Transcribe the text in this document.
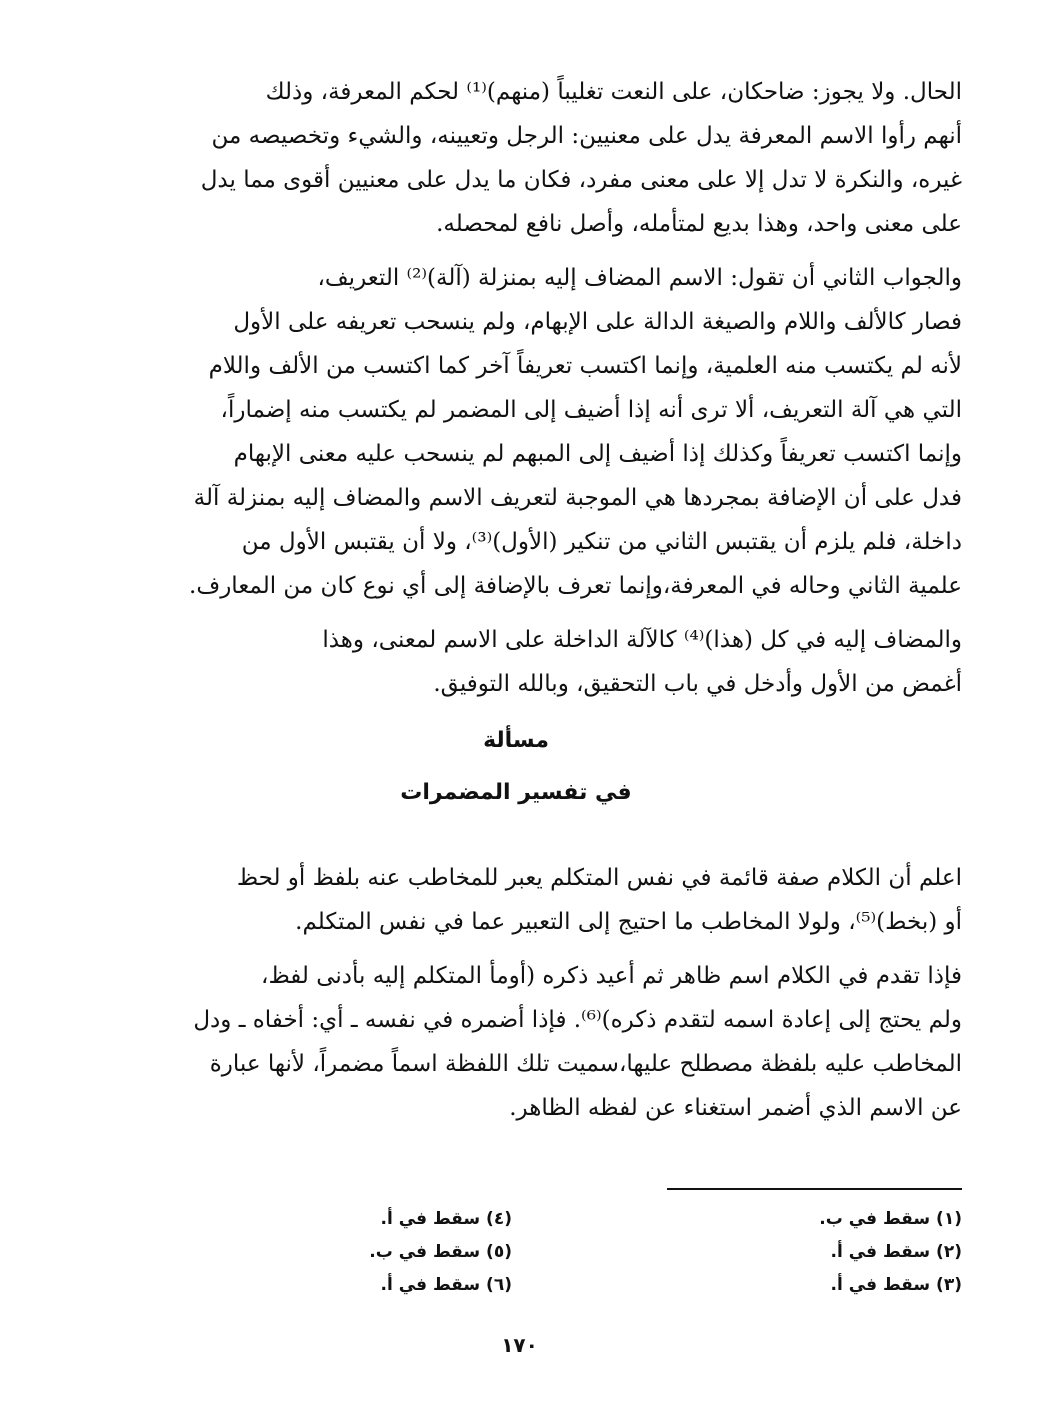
الحال. ولا يجوز: ضاحكان، على النعت تغليباً (منهم)⁽¹⁾ لحكم المعرفة، وذلك

أنهم رأوا الاسم المعرفة يدل على معنيين: الرجل وتعيينه، والشيء وتخصيصه من

غيره، والنكرة لا تدل إلا على معنى مفرد، فكان ما يدل على معنيين أقوى مما يدل

على معنى واحد، وهذا بديع لمتأمله، وأصل نافع لمحصله.

والجواب الثاني أن تقول: الاسم المضاف إليه بمنزلة (آلة)⁽²⁾ التعريف،

فصار كالألف واللام والصيغة الدالة على الإبهام، ولم ينسحب تعريفه على الأول

لأنه لم يكتسب منه العلمية، وإنما اكتسب تعريفاً آخر كما اكتسب من الألف واللام

التي هي آلة التعريف، ألا ترى أنه إذا أضيف إلى المضمر لم يكتسب منه إضماراً،

وإنما اكتسب تعريفاً وكذلك إذا أضيف إلى المبهم لم ينسحب عليه معنى الإبهام

فدل على أن الإضافة بمجردها هي الموجبة لتعريف الاسم والمضاف إليه بمنزلة آلة

داخلة، فلم يلزم أن يقتبس الثاني من تنكير (الأول)⁽³⁾، ولا أن يقتبس الأول من

علمية الثاني وحاله في المعرفة،وإنما تعرف بالإضافة إلى أي نوع كان من المعارف.

والمضاف إليه في كل (هذا)⁽⁴⁾ كالآلة الداخلة على الاسم لمعنى، وهذا

أغمض من الأول وأدخل في باب التحقيق، وبالله التوفيق.

مسألة
في تفسير المضمرات

اعلم أن الكلام صفة قائمة في نفس المتكلم يعبر للمخاطب عنه بلفظ أو لحظ

أو (بخط)⁽⁵⁾، ولولا المخاطب ما احتيج إلى التعبير عما في نفس المتكلم.

فإذا تقدم في الكلام اسم ظاهر ثم أعيد ذكره (أومأ المتكلم إليه بأدنى لفظ،

ولم يحتج إلى إعادة اسمه لتقدم ذكره)⁽⁶⁾. فإذا أضمره في نفسه ـ أي: أخفاه ـ ودل

المخاطب عليه بلفظة مصطلح عليها،سميت تلك اللفظة اسماً مضمراً، لأنها عبارة

عن الاسم الذي أضمر استغناء عن لفظه الظاهر.

(١) سقط في ب.
(٢) سقط في أ.
(٣) سقط في أ.
(٤) سقط في أ.
(٥) سقط في ب.
(٦) سقط في أ.
١٧٠
